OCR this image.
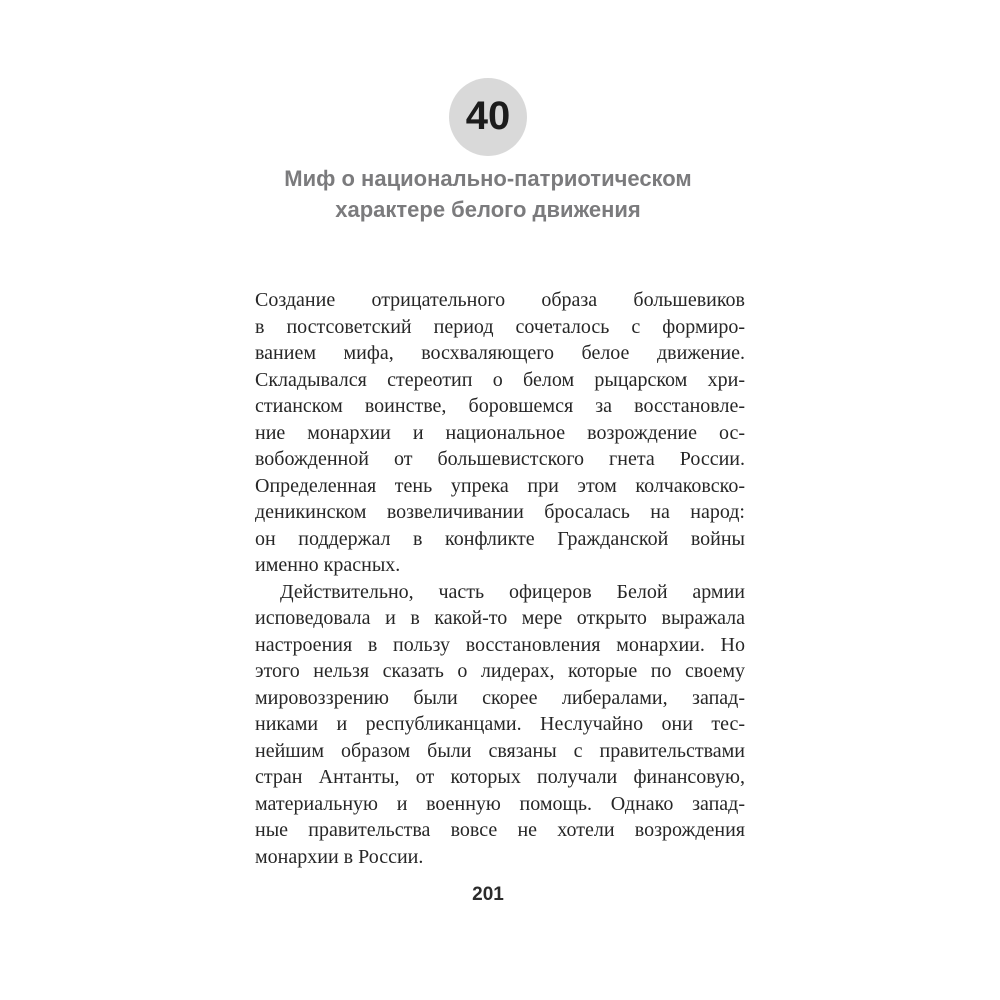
40
Миф о национально-патриотическом
характере белого движения
Создание отрицательного образа большевиков
в постсоветский период сочеталось с формиро-
ванием мифа, восхваляющего белое движение.
Складывался стереотип о белом рыцарском хри-
стианском воинстве, боровшемся за восстановле-
ние монархии и национальное возрождение ос-
вобожденной от большевистского гнета России.
Определенная тень упрека при этом колчаковско-
деникинском возвеличивании бросалась на народ:
он поддержал в конфликте Гражданской войны
именно красных.
Действительно, часть офицеров Белой армии
исповедовала и в какой-то мере открыто выражала
настроения в пользу восстановления монархии. Но
этого нельзя сказать о лидерах, которые по своему
мировоззрению были скорее либералами, запад-
никами и республиканцами. Неслучайно они тес-
нейшим образом были связаны с правительствами
стран Антанты, от которых получали финансовую,
материальную и военную помощь. Однако запад-
ные правительства вовсе не хотели возрождения
монархии в России.
201
